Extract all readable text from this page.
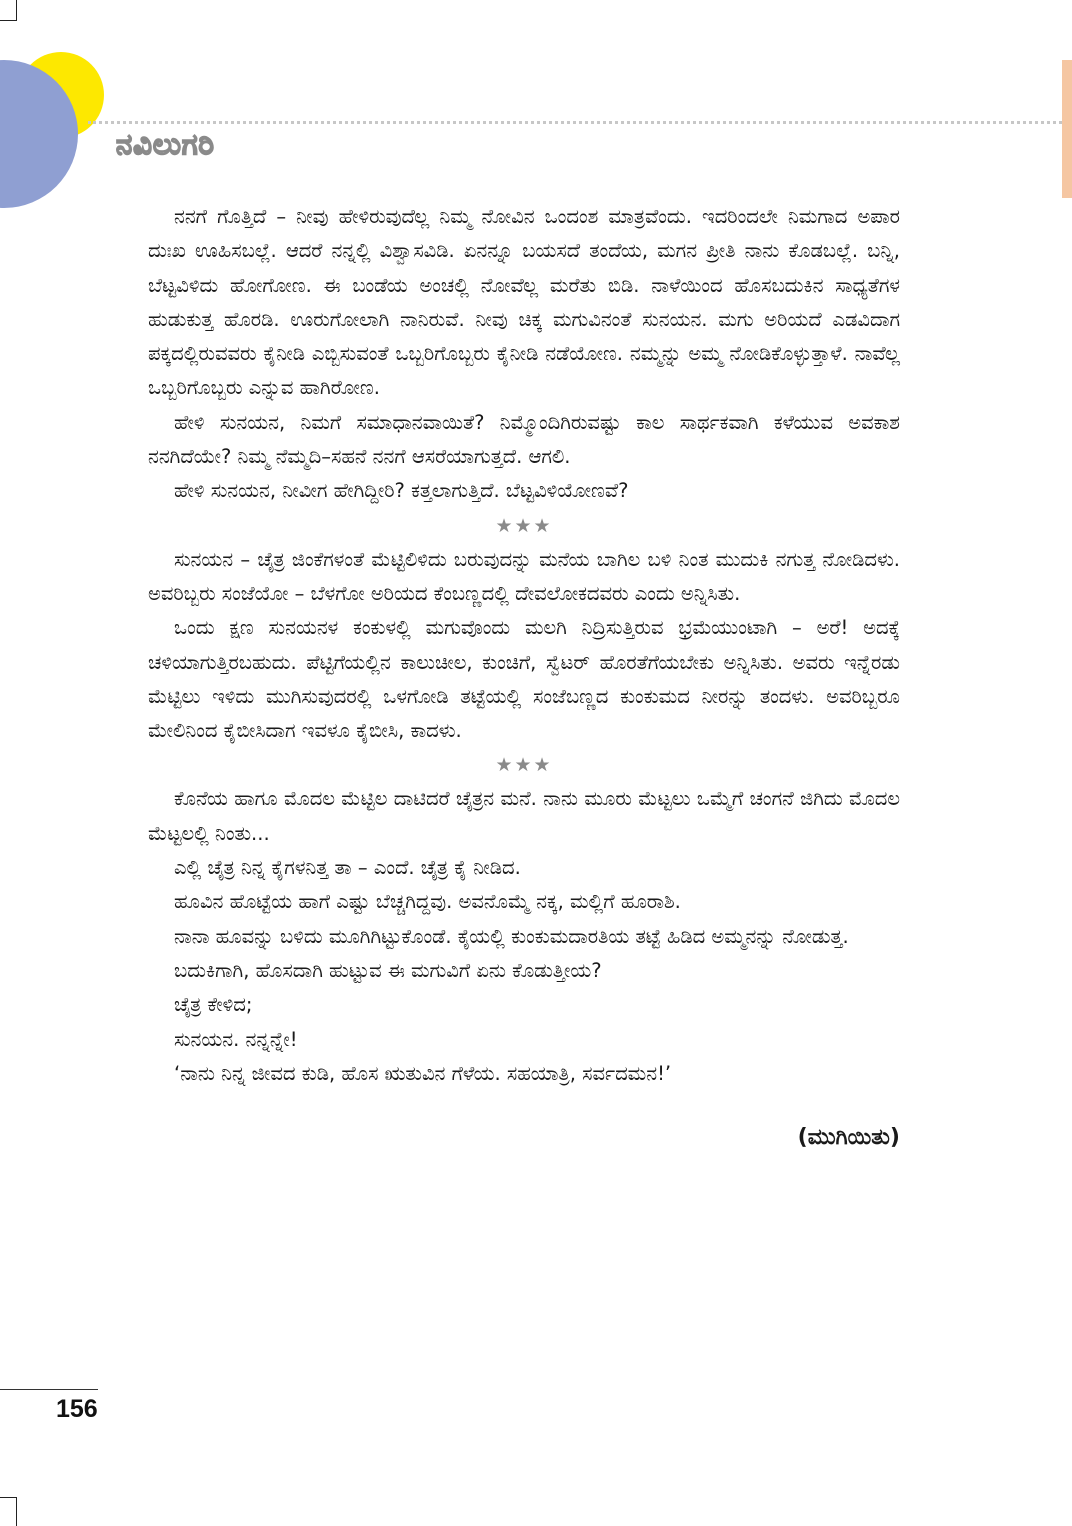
ನವಿಲುಗರಿ

ನನಗೆ ಗೊತ್ತಿದೆ – ನೀವು ಹೇಳಿರುವುದೆಲ್ಲ ನಿಮ್ಮ ನೋವಿನ ಒಂದಂಶ ಮಾತ್ರವೆಂದು. ಇದರಿಂದಲೇ ನಿಮಗಾದ ಅಪಾರ ದುಃಖ ಊಹಿಸಬಲ್ಲೆ. ಆದರೆ ನನ್ನಲ್ಲಿ ವಿಶ್ವಾಸವಿಡಿ. ಏನನ್ನೂ ಬಯಸದೆ ತಂದೆಯ, ಮಗನ ಪ್ರೀತಿ ನಾನು ಕೊಡಬಲ್ಲೆ. ಬನ್ನಿ, ಬೆಟ್ಟವಿಳಿದು ಹೋಗೋಣ. ಈ ಬಂಡೆಯ ಅಂಚಲ್ಲಿ ನೋವೆಲ್ಲ ಮರೆತು ಬಿಡಿ. ನಾಳೆಯಿಂದ ಹೊಸಬದುಕಿನ ಸಾಧ್ಯತೆಗಳ ಹುಡುಕುತ್ತ ಹೊರಡಿ. ಊರುಗೋಲಾಗಿ ನಾನಿರುವೆ. ನೀವು ಚಿಕ್ಕ ಮಗುವಿನಂತೆ ಸುನಯನ. ಮಗು ಅರಿಯದೆ ಎಡವಿದಾಗ ಪಕ್ಕದಲ್ಲಿರುವವರು ಕೈನೀಡಿ ಎಬ್ಬಿಸುವಂತೆ ಒಬ್ಬರಿಗೊಬ್ಬರು ಕೈನೀಡಿ ನಡೆಯೋಣ. ನಮ್ಮನ್ನು ಅಮ್ಮ ನೋಡಿಕೊಳ್ಳುತ್ತಾಳೆ. ನಾವೆಲ್ಲ ಒಬ್ಬರಿಗೊಬ್ಬರು ಎನ್ನುವ ಹಾಗಿರೋಣ.

ಹೇಳಿ ಸುನಯನ, ನಿಮಗೆ ಸಮಾಧಾನವಾಯಿತೆ? ನಿಮ್ಮೊಂದಿಗಿರುವಷ್ಟು ಕಾಲ ಸಾರ್ಥಕವಾಗಿ ಕಳೆಯುವ ಅವಕಾಶ ನನಗಿದೆಯೇ? ನಿಮ್ಮ ನೆಮ್ಮದಿ–ಸಹನೆ ನನಗೆ ಆಸರೆಯಾಗುತ್ತದೆ. ಆಗಲಿ.

ಹೇಳಿ ಸುನಯನ, ನೀವೀಗ ಹೇಗಿದ್ದೀರಿ? ಕತ್ತಲಾಗುತ್ತಿದೆ. ಬೆಟ್ಟವಿಳಿಯೋಣವೆ?

★★★

ಸುನಯನ – ಚೈತ್ರ ಜಿಂಕೆಗಳಂತೆ ಮೆಟ್ಟಿಲಿಳಿದು ಬರುವುದನ್ನು ಮನೆಯ ಬಾಗಿಲ ಬಳಿ ನಿಂತ ಮುದುಕಿ ನಗುತ್ತ ನೋಡಿದಳು. ಅವರಿಬ್ಬರು ಸಂಜೆಯೋ – ಬೆಳಗೋ ಅರಿಯದ ಕೆಂಬಣ್ಣದಲ್ಲಿ ದೇವಲೋಕದವರು ಎಂದು ಅನ್ನಿಸಿತು.

ಒಂದು ಕ್ಷಣ ಸುನಯನಳ ಕಂಕುಳಲ್ಲಿ ಮಗುವೊಂದು ಮಲಗಿ ನಿದ್ರಿಸುತ್ತಿರುವ ಭ್ರಮೆಯುಂಟಾಗಿ – ಅರೆ! ಅದಕ್ಕೆ ಚಳಿಯಾಗುತ್ತಿರಬಹುದು. ಪೆಟ್ಟಿಗೆಯಲ್ಲಿನ ಕಾಲುಚೀಲ, ಕುಂಚಿಗೆ, ಸ್ವೆಟರ್ ಹೊರತೆಗೆಯಬೇಕು ಅನ್ನಿಸಿತು. ಅವರು ಇನ್ನೆರಡು ಮೆಟ್ಟಿಲು ಇಳಿದು ಮುಗಿಸುವುದರಲ್ಲಿ ಒಳಗೋಡಿ ತಟ್ಟೆಯಲ್ಲಿ ಸಂಜೆಬಣ್ಣದ ಕುಂಕುಮದ ನೀರನ್ನು ತಂದಳು. ಅವರಿಬ್ಬರೂ ಮೇಲಿನಿಂದ ಕೈಬೀಸಿದಾಗ ಇವಳೂ ಕೈಬೀಸಿ, ಕಾದಳು.

★★★

ಕೊನೆಯ ಹಾಗೂ ಮೊದಲ ಮೆಟ್ಟಿಲ ದಾಟಿದರೆ ಚೈತ್ರನ ಮನೆ. ನಾನು ಮೂರು ಮೆಟ್ಟಲು ಒಮ್ಮೆಗೆ ಚಂಗನೆ ಜಿಗಿದು ಮೊದಲ ಮೆಟ್ಟಲಲ್ಲಿ ನಿಂತು...

ಎಲ್ಲಿ ಚೈತ್ರ ನಿನ್ನ ಕೈಗಳನಿತ್ತ ತಾ – ಎಂದೆ. ಚೈತ್ರ ಕೈ ನೀಡಿದ.

ಹೂವಿನ ಹೊಟ್ಟೆಯ ಹಾಗೆ ಎಷ್ಟು ಬೆಚ್ಚಗಿದ್ದವು. ಅವನೊಮ್ಮೆ ನಕ್ಕ, ಮಲ್ಲಿಗೆ ಹೂರಾಶಿ.

ನಾನಾ ಹೂವನ್ನು ಬಳಿದು ಮೂಗಿಗಿಟ್ಟುಕೊಂಡೆ. ಕೈಯಲ್ಲಿ ಕುಂಕುಮದಾರತಿಯ ತಟ್ಟೆ ಹಿಡಿದ ಅಮ್ಮನನ್ನು ನೋಡುತ್ತ.

ಬದುಕಿಗಾಗಿ, ಹೊಸದಾಗಿ ಹುಟ್ಟುವ ಈ ಮಗುವಿಗೆ ಏನು ಕೊಡುತ್ತೀಯ?

ಚೈತ್ರ ಕೇಳಿದ;

ಸುನಯನ. ನನ್ನನ್ನೇ!

‘ನಾನು ನಿನ್ನ ಜೀವದ ಕುಡಿ, ಹೊಸ ಋತುವಿನ ಗೆಳೆಯ. ಸಹಯಾತ್ರಿ, ಸರ್ವದಮನ!’

(ಮುಗಿಯಿತು)
156
